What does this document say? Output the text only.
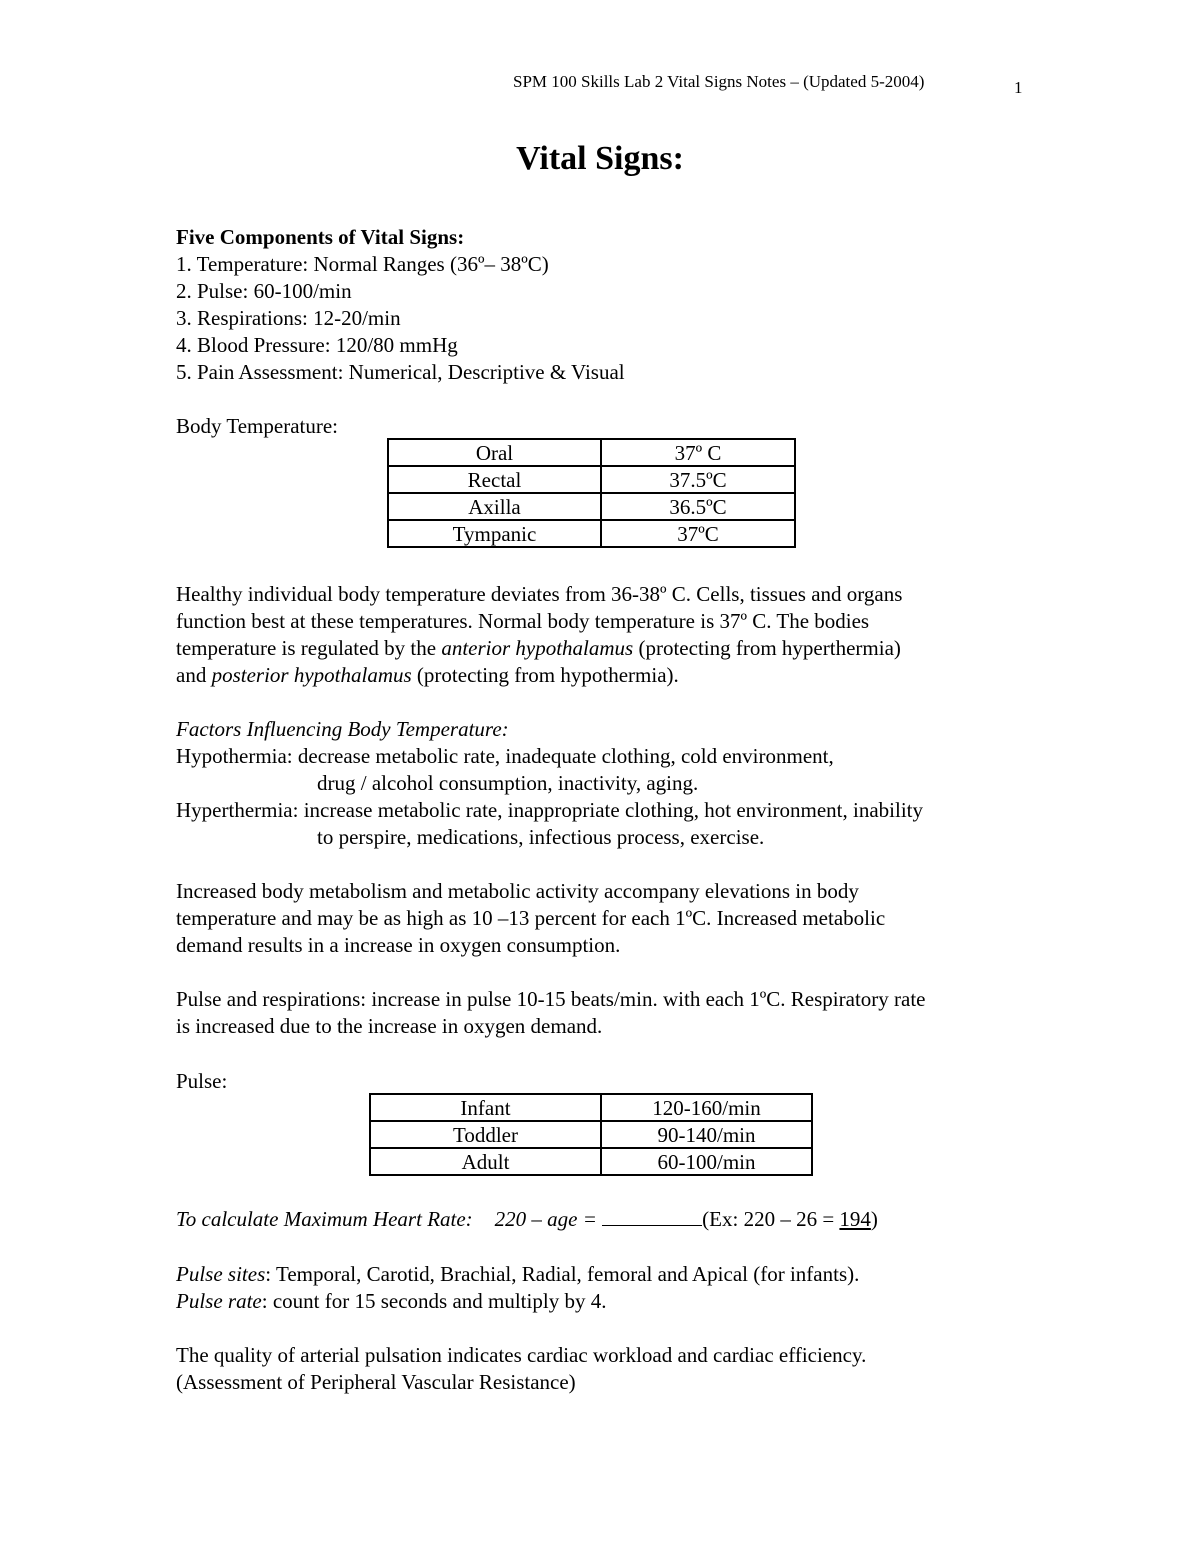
SPM 100 Skills Lab 2 Vital Signs Notes – (Updated 5-2004)	1
Vital Signs:
Five Components of Vital Signs:
1. Temperature: Normal Ranges (36º– 38ºC)
2. Pulse: 60-100/min
3. Respirations: 12-20/min
4. Blood Pressure: 120/80 mmHg
5. Pain Assessment: Numerical, Descriptive & Visual
Body Temperature:
Oral	37º C
Rectal	37.5ºC
Axilla	36.5ºC
Tympanic	37ºC
Healthy individual body temperature deviates from 36-38º C. Cells, tissues and organs
function best at these temperatures. Normal body temperature is 37º C. The bodies
temperature is regulated by the anterior hypothalamus (protecting from hyperthermia)
and posterior hypothalamus (protecting from hypothermia).
Factors Influencing Body Temperature:
Hypothermia: decrease metabolic rate, inadequate clothing, cold environment,
drug / alcohol consumption, inactivity, aging.
Hyperthermia: increase metabolic rate, inappropriate clothing, hot environment, inability
to perspire, medications, infectious process, exercise.
Increased body metabolism and metabolic activity accompany elevations in body
temperature and may be as high as 10 –13 percent for each 1ºC. Increased metabolic
demand results in a increase in oxygen consumption.
Pulse and respirations: increase in pulse 10-15 beats/min. with each 1ºC. Respiratory rate
is increased due to the increase in oxygen demand.
Pulse:
Infant	120-160/min
Toddler	90-140/min
Adult	60-100/min
To calculate Maximum Heart Rate: 220 – age =	(Ex: 220 – 26 = 194)
Pulse sites: Temporal, Carotid, Brachial, Radial, femoral and Apical (for infants).
Pulse rate: count for 15 seconds and multiply by 4.
The quality of arterial pulsation indicates cardiac workload and cardiac efficiency.
(Assessment of Peripheral Vascular Resistance)
